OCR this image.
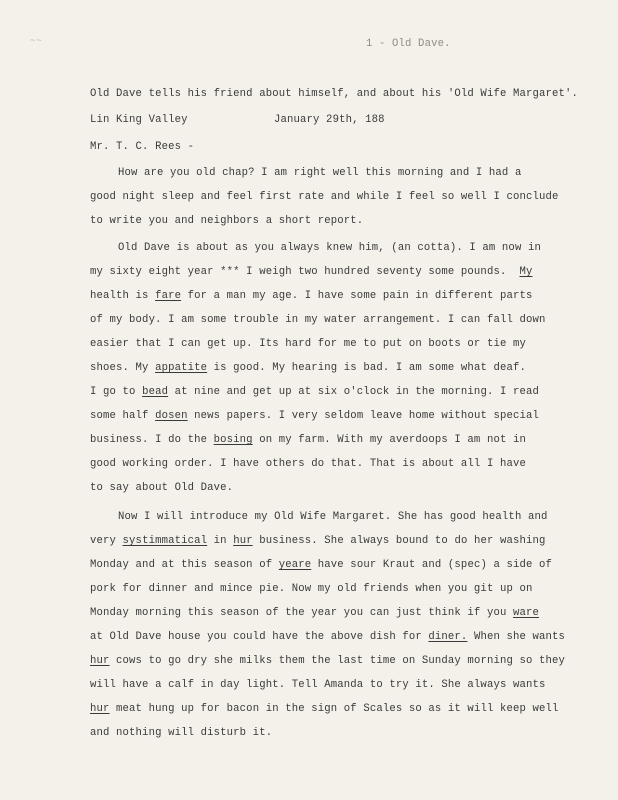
~~	1 - Old Dave.
Old Dave tells his friend about himself, and about his 'Old Wife Margaret'.
Lin King Valley	January 29th, 188
Mr. T. C. Rees -
How are you old chap? I am right well this morning and I had a
good night sleep and feel first rate and while I feel so well I conclude
to write you and neighbors a short report.
Old Dave is about as you always knew him, (an cotta). I am now in
my sixty eight year *** I weigh two hundred seventy some pounds.  My
health is fare for a man my age. I have some pain in different parts
of my body. I am some trouble in my water arrangement. I can fall down
easier that I can get up. Its hard for me to put on boots or tie my
shoes. My appatite is good. My hearing is bad. I am some what deaf.
I go to bead at nine and get up at six o'clock in the morning. I read
some half dosen news papers. I very seldom leave home without special
business. I do the bosing on my farm. With my averdoops I am not in
good working order. I have others do that. That is about all I have
to say about Old Dave.
Now I will introduce my Old Wife Margaret. She has good health and
very systimmatical in hur business. She always bound to do her washing
Monday and at this season of yeare have sour Kraut and (spec) a side of
pork for dinner and mince pie. Now my old friends when you git up on
Monday morning this season of the year you can just think if you ware
at Old Dave house you could have the above dish for diner. When she wants
hur cows to go dry she milks them the last time on Sunday morning so they
will have a calf in day light. Tell Amanda to try it. She always wants
hur meat hung up for bacon in the sign of Scales so as it will keep well
and nothing will disturb it.
